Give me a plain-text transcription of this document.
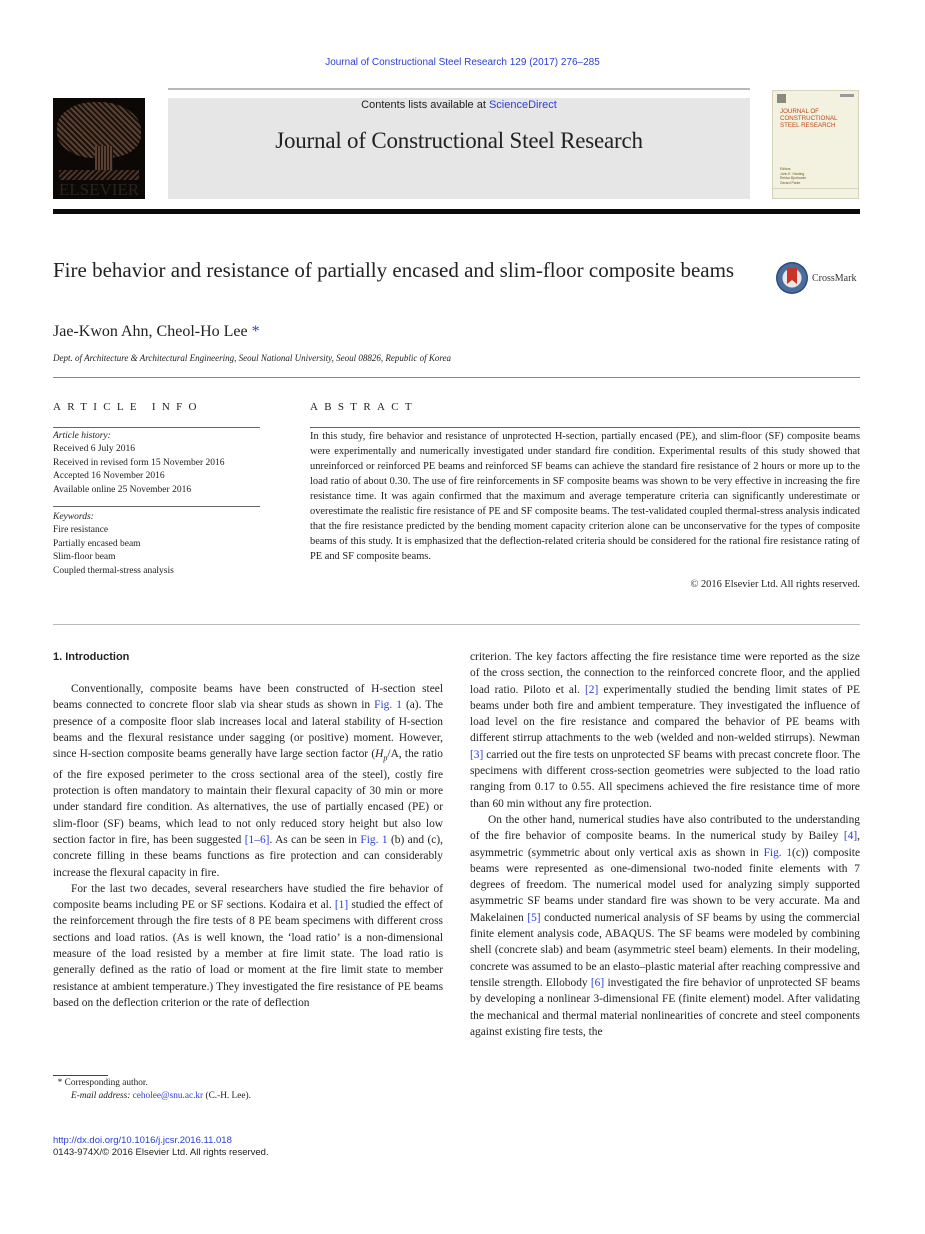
Journal of Constructional Steel Research 129 (2017) 276–285
ELSEVIER
Contents lists available at ScienceDirect
Journal of Constructional Steel Research
JOURNAL OF
CONSTRUCTIONAL
STEEL RESEARCH
Editors
John E. Harding
Reidar Bjorhovde
Gerard Parke
Fire behavior and resistance of partially encased and slim-floor composite beams	CrossMark
Jae-Kwon Ahn, Cheol-Ho Lee *
Dept. of Architecture & Architectural Engineering, Seoul National University, Seoul 08826, Republic of Korea
ARTICLE INFO	ABSTRACT
Article history:
Received 6 July 2016
Received in revised form 15 November 2016
Accepted 16 November 2016
Available online 25 November 2016
Keywords:
Fire resistance
Partially encased beam
Slim-floor beam
Coupled thermal-stress analysis

In this study, fire behavior and resistance of unprotected H-section, partially encased (PE), and slim-floor (SF) composite beams were experimentally and numerically investigated under standard fire condition. Experimental results of this study showed that unreinforced or reinforced PE beams and reinforced SF beams can achieve the standard fire resistance of 2 hours or more up to the load ratio of about 0.30. The use of fire reinforcements in SF composite beams was shown to be very effective in increasing the fire resistance time. It was again confirmed that the maximum and average temperature criteria can significantly underestimate or overestimate the realistic fire resistance of PE and SF composite beams. The test-validated coupled thermal-stress analysis indicated that the fire resistance predicted by the bending moment capacity criterion alone can be unconservative for the types of composite beams of this study. It is emphasized that the deflection-related criteria should be considered for the rational fire resistance rating of PE and SF composite beams.

© 2016 Elsevier Ltd. All rights reserved.
1. Introduction

Conventionally, composite beams have been constructed of H-section steel beams connected to concrete floor slab via shear studs as shown in Fig. 1 (a). The presence of a composite floor slab increases local and lateral stability of H-section beams and the flexural resistance under sagging (or positive) moment. However, since H-section composite beams generally have large section factor ($H_p/A$, the ratio of the fire exposed perimeter to the cross sectional area of the steel), costly fire protection is often mandatory to maintain their flexural capacity of 30 min or more under standard fire condition. As alternatives, the use of partially encased (PE) or slim-floor (SF) beams, which lead to not only reduced story height but also low section factor in fire, has been suggested [1–6]. As can be seen in Fig. 1 (b) and (c), concrete filling in these beams functions as fire protection and can considerably increase the flexural capacity in fire.

For the last two decades, several researchers have studied the fire behavior of composite beams including PE or SF sections. Kodaira et al. [1] studied the effect of the reinforcement through the fire tests of 8 PE beam specimens with different cross sections and load ratios. (As is well known, the ‘load ratio’ is a non-dimensional measure of the load resisted by a member at fire limit state. The load ratio is generally defined as the ratio of load or moment at the fire limit state to member resistance at ambient temperature.) They investigated the fire resistance of PE beams based on the deflection criterion or the rate of deflection

criterion. The key factors affecting the fire resistance time were reported as the size of the cross section, the connection to the reinforced concrete floor, and the applied load ratio. Piloto et al. [2] experimentally studied the bending limit states of PE beams under both fire and ambient temperature. They investigated the influence of load level on the fire resistance and compared the behavior of PE beams with different stirrup attachments to the web (welded and non-welded stirrups). Newman [3] carried out the fire tests on unprotected SF beams with precast concrete floor. The specimens with different cross-section geometries were subjected to the load ratio ranging from 0.17 to 0.55. All specimens achieved the fire resistance time of more than 60 min without any fire protection.

On the other hand, numerical studies have also contributed to the understanding of the fire behavior of composite beams. In the numerical study by Bailey [4], asymmetric (symmetric about only vertical axis as shown in Fig. 1(c)) composite beams were represented as one-dimensional two-noded finite elements with 7 degrees of freedom. The numerical model used for analyzing simply supported asymmetric SF beams under standard fire was shown to be very accurate. Ma and Makelainen [5] conducted numerical analysis of SF beams by using the commercial finite element analysis code, ABAQUS. The SF beams were modeled by combining shell (concrete slab) and beam (asymmetric steel beam) elements. In their modeling, concrete was assumed to be an elasto–plastic material after reaching compressive and tensile strength. Ellobody [6] investigated the fire behavior of unprotected SF beams by developing a nonlinear 3-dimensional FE (finite element) model. After validating the mechanical and thermal material nonlinearities of concrete and steel components against existing fire tests, the

* Corresponding author.
E-mail address: ceholee@snu.ac.kr (C.-H. Lee).
http://dx.doi.org/10.1016/j.jcsr.2016.11.018
0143-974X/© 2016 Elsevier Ltd. All rights reserved.
